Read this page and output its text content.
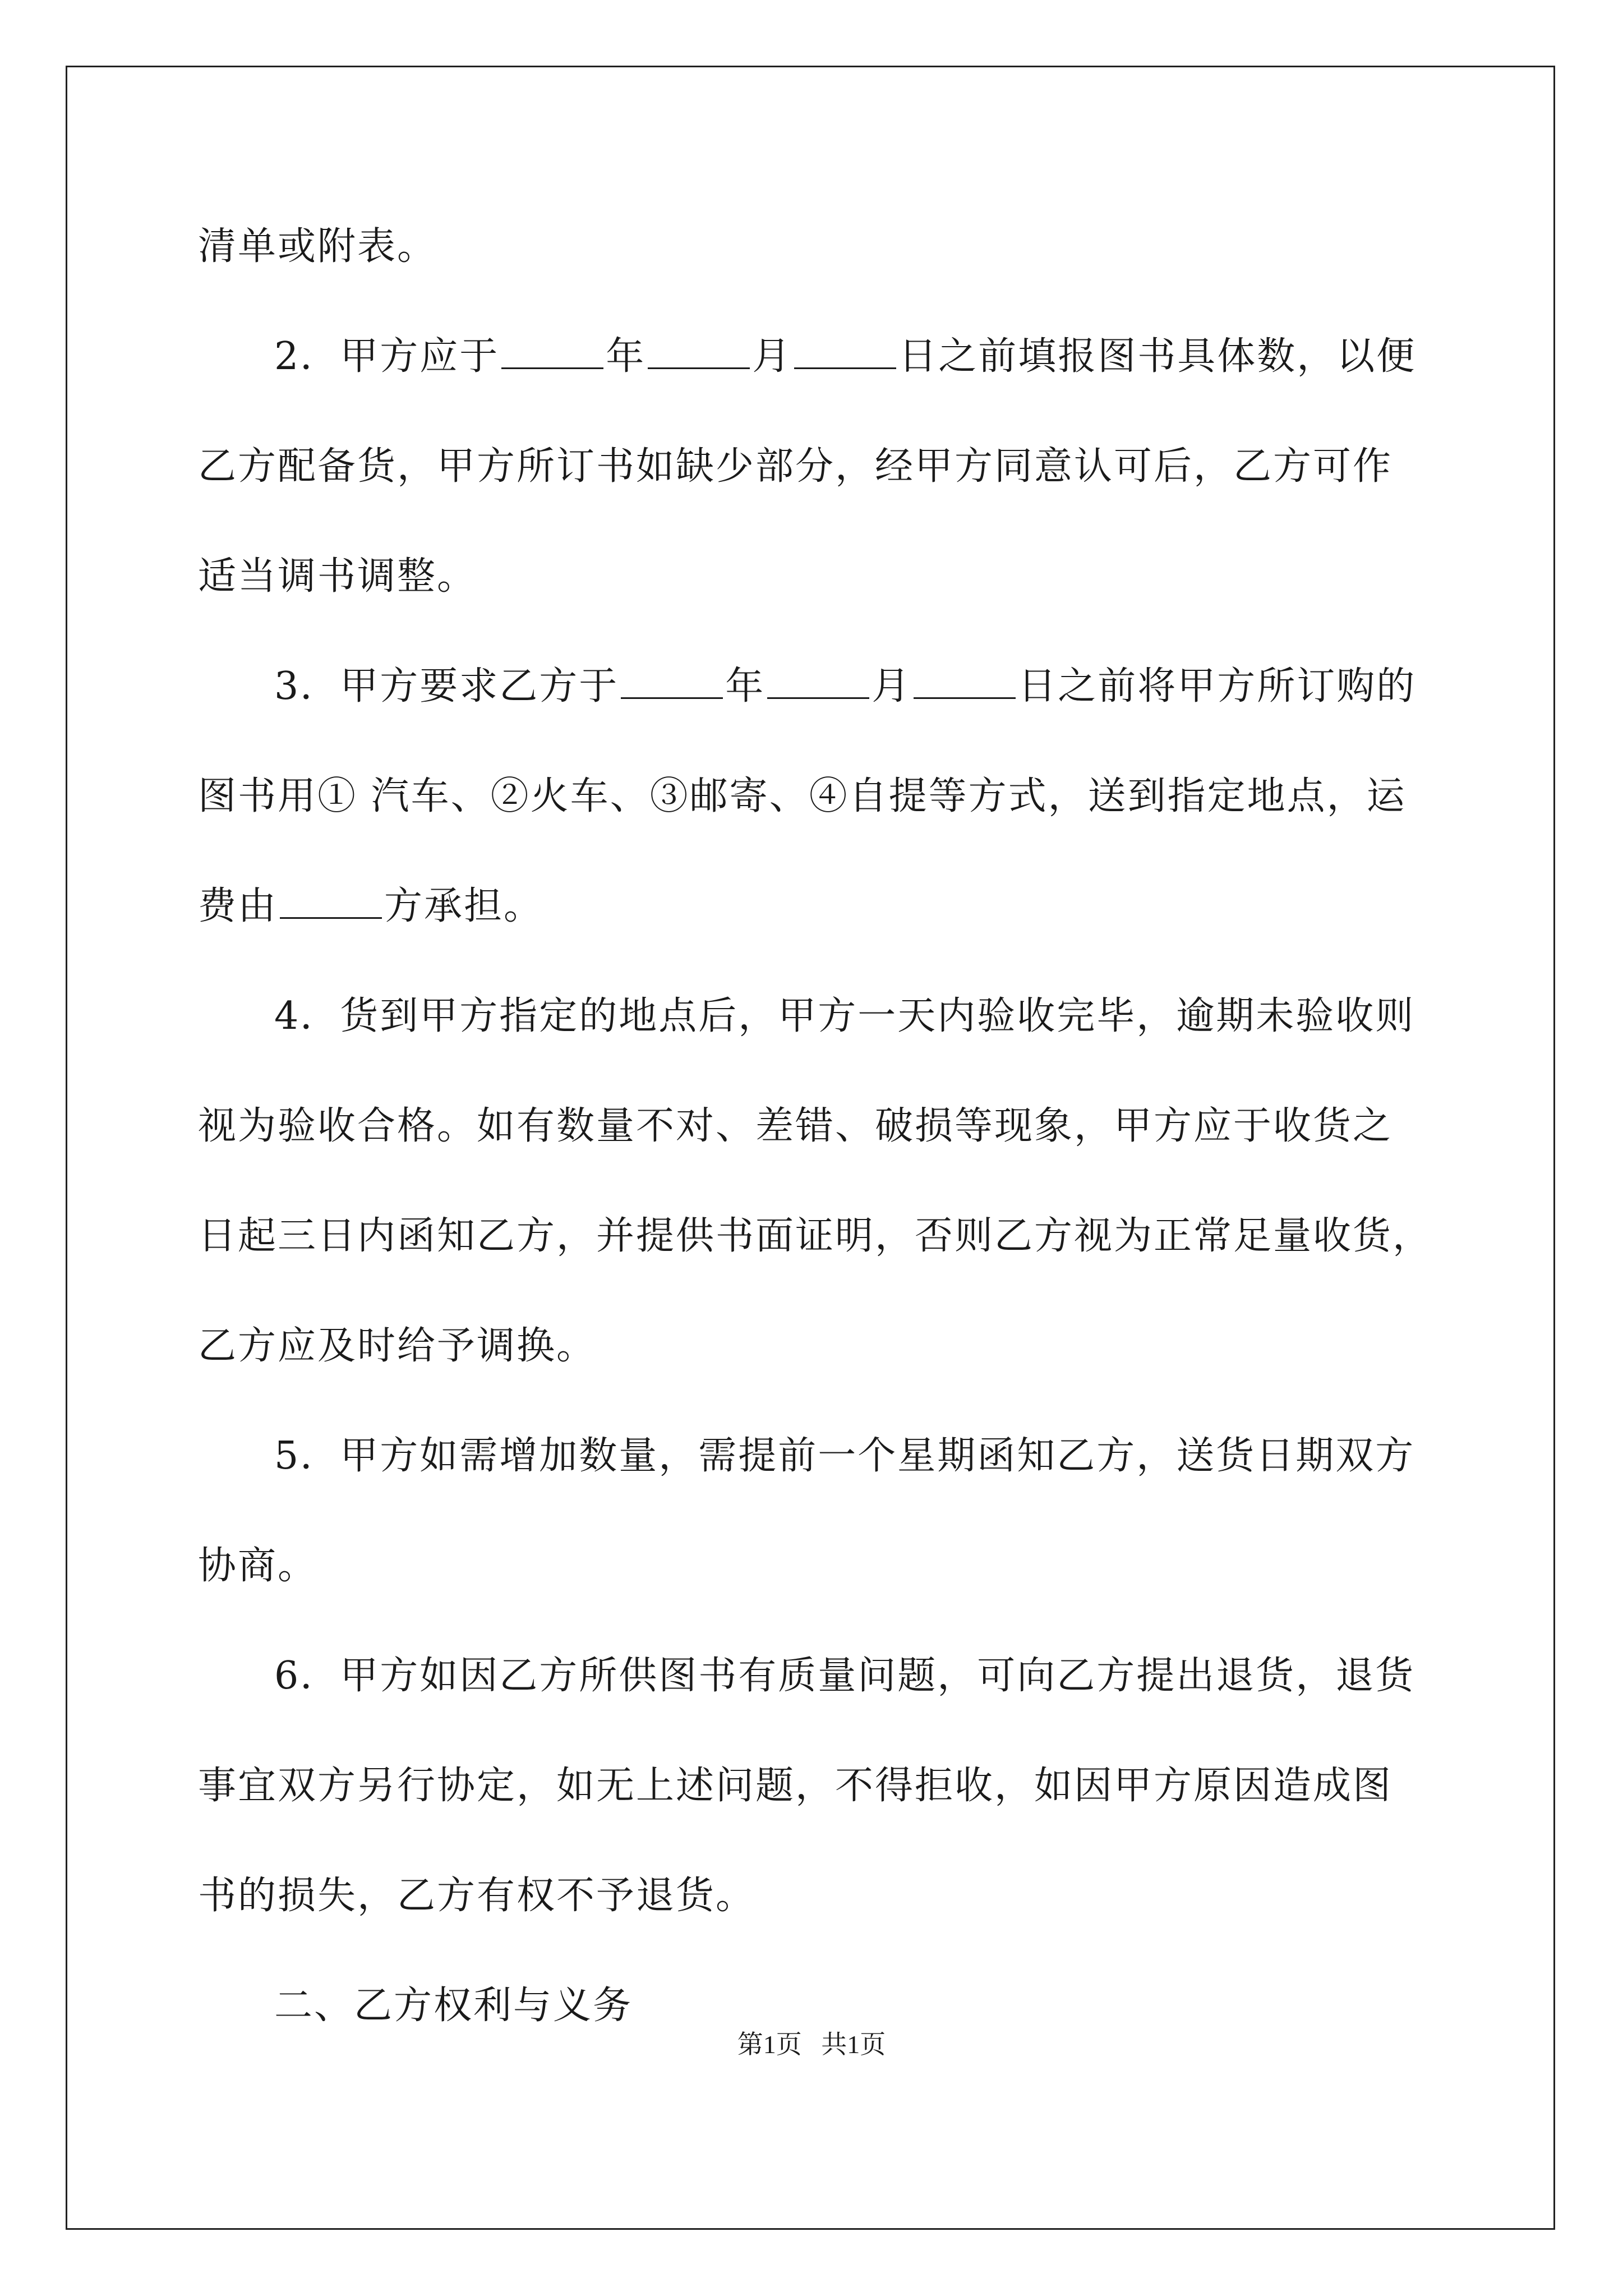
清单或附表。
2．甲方应于	年	月	日之前填报图书具体数，以便
乙方配备货，甲方所订书如缺少部分，经甲方同意认可后，乙方可作
适当调书调整。
3．甲方要求乙方于	年	月	日之前将甲方所订购的
图书用① 汽车、②火车、③邮寄、④自提等方式，送到指定地点，运
费由	方承担。
4．货到甲方指定的地点后，甲方一天内验收完毕，逾期未验收则
视为验收合格。如有数量不对、差错、破损等现象，甲方应于收货之
日起三日内函知乙方，并提供书面证明，否则乙方视为正常足量收货，
乙方应及时给予调换。
5．甲方如需增加数量，需提前一个星期函知乙方，送货日期双方
协商。
6．甲方如因乙方所供图书有质量问题，可向乙方提出退货，退货
事宜双方另行协定，如无上述问题，不得拒收，如因甲方原因造成图
书的损失，乙方有权不予退货。
二、乙方权利与义务
第1页 共1页
